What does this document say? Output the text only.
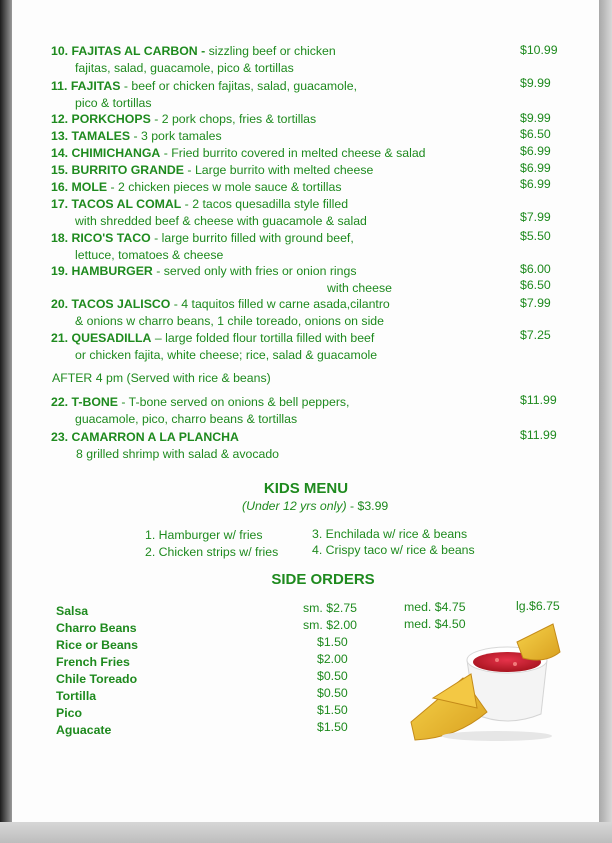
10. FAJITAS AL CARBON - sizzling beef or chicken
fajitas, salad, guacamole, pico & tortillas
$10.99
11. FAJITAS - beef or chicken fajitas, salad, guacamole,
pico & tortillas
$9.99
12. PORKCHOPS - 2 pork chops, fries & tortillas	$9.99
13. TAMALES - 3 pork tamales	$6.50
14. CHIMICHANGA - Fried burrito covered in melted cheese & salad	$6.99
15. BURRITO GRANDE - Large burrito with melted cheese	$6.99
16. MOLE - 2 chicken pieces w mole sauce & tortillas	$6.99
17. TACOS AL COMAL - 2 tacos quesadilla style filled
with shredded beef & cheese with guacamole & salad	$7.99
18. RICO'S TACO - large burrito filled with ground beef,
lettuce, tomatoes & cheese
$5.50
19. HAMBURGER - served only with fries or onion rings
with cheese
$6.00
$6.50
20. TACOS JALISCO - 4 taquitos filled w carne asada,cilantro
& onions w charro beans, 1 chile toreado, onions on side
$7.99
21. QUESADILLA – large folded flour tortilla filled with beef
or chicken fajita, white cheese; rice, salad & guacamole
$7.25
22. T-BONE - T-bone served on onions & bell peppers,
guacamole, pico, charro beans & tortillas
$11.99
23. CAMARRON A LA PLANCHA
8 grilled shrimp with salad & avocado
$11.99
AFTER 4 pm (Served with rice & beans)
KIDS MENU
(Under 12 yrs only) - $3.99
1. Hamburger w/ fries
2. Chicken strips w/ fries
3. Enchilada w/ rice & beans
4. Crispy taco w/ rice & beans
SIDE ORDERS
Salsa	sm. $2.75	med. $4.75	lg.$6.75
Charro Beans	sm. $2.00	med. $4.50
Rice or Beans	$1.50
French Fries	$2.00
Chile Toreado	$0.50
Tortilla	$0.50
Pico	$1.50
Aguacate	$1.50
